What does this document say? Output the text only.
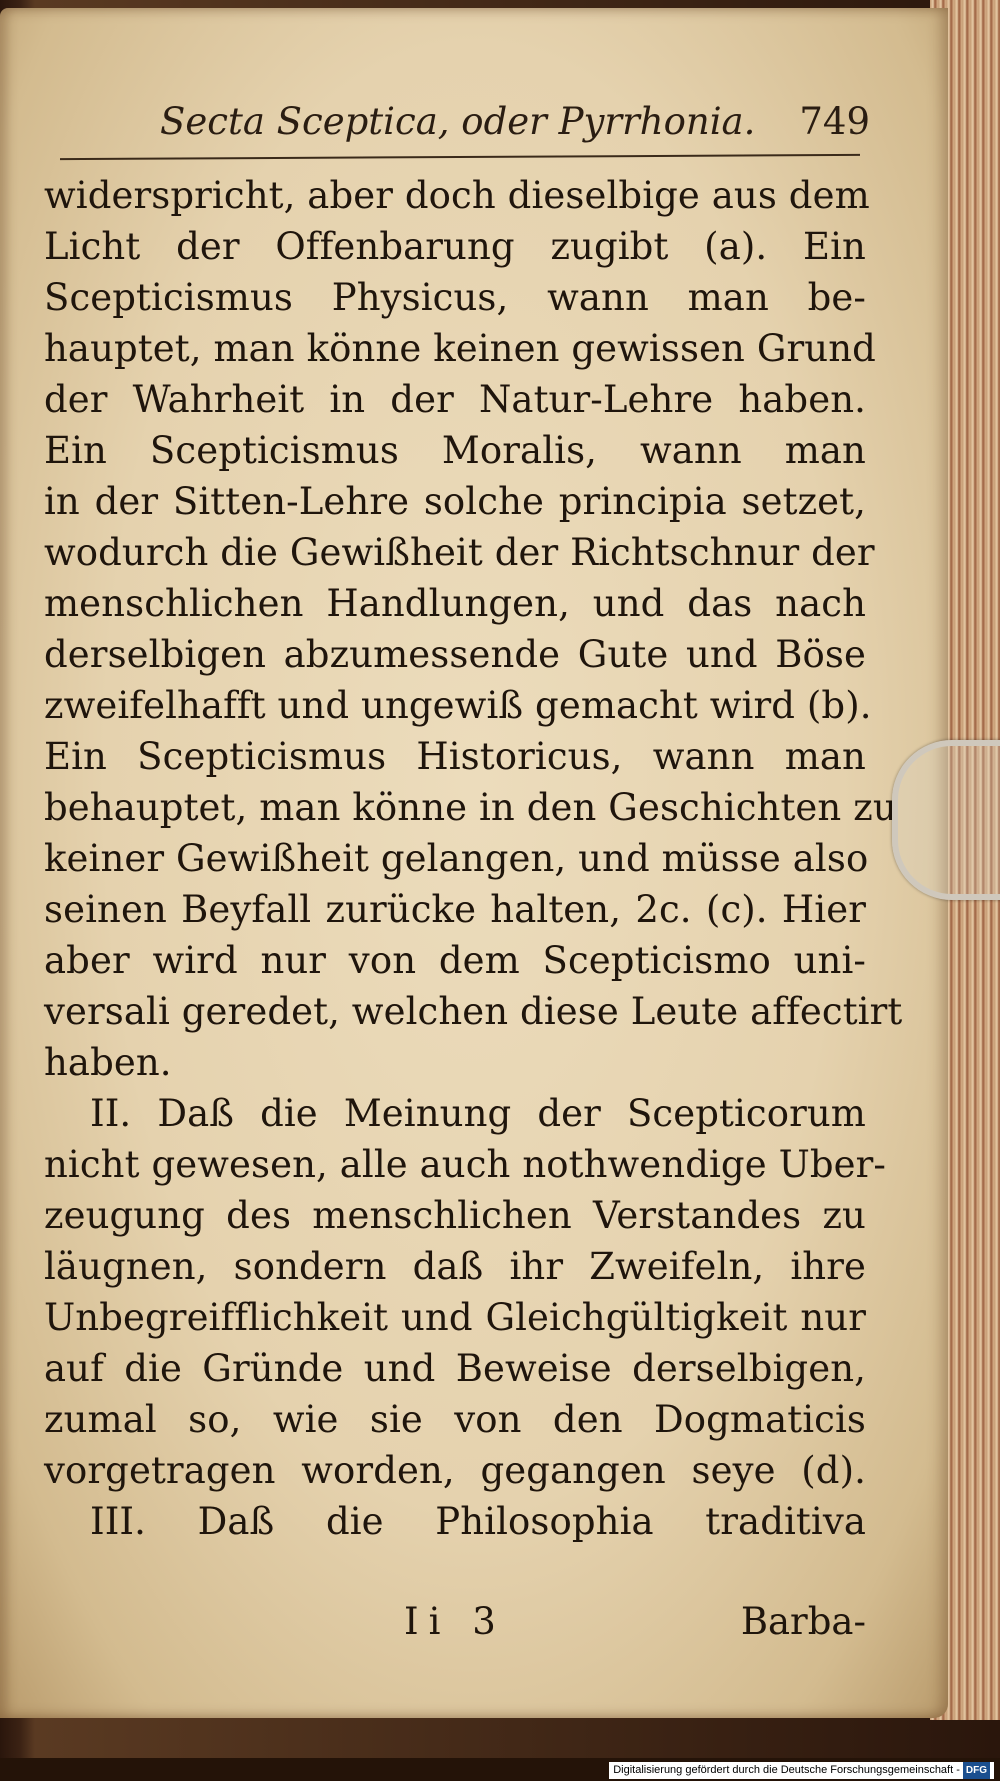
Secta Sceptica, oder Pyrrhonia. 749
widerspricht, aber doch dieselbige aus dem
Licht der Offenbarung zugibt (a). Ein
Scepticismus Physicus, wann man be-
hauptet, man könne keinen gewissen Grund
der Wahrheit in der Natur-Lehre haben.
Ein Scepticismus Moralis, wann man
in der Sitten-Lehre solche principia setzet,
wodurch die Gewißheit der Richtschnur der
menschlichen Handlungen, und das nach
derselbigen abzumessende Gute und Böse
zweifelhafft und ungewiß gemacht wird (b).
Ein Scepticismus Historicus, wann man
behauptet, man könne in den Geschichten zu
keiner Gewißheit gelangen, und müsse also
seinen Beyfall zurücke halten, 2c. (c). Hier
aber wird nur von dem Scepticismo uni-
versali geredet, welchen diese Leute affectirt
haben.
II. Daß die Meinung der Scepticorum
nicht gewesen, alle auch nothwendige Uber-
zeugung des menschlichen Verstandes zu
läugnen, sondern daß ihr Zweifeln, ihre
Unbegreifflichkeit und Gleichgültigkeit nur
auf die Gründe und Beweise derselbigen,
zumal so, wie sie von den Dogmaticis
vorgetragen worden, gegangen seye (d).
III. Daß die Philosophia traditiva
Ii 3	Barba-
Digitalisierung gefördert durch die Deutsche Forschungsgemeinschaft - DFG
